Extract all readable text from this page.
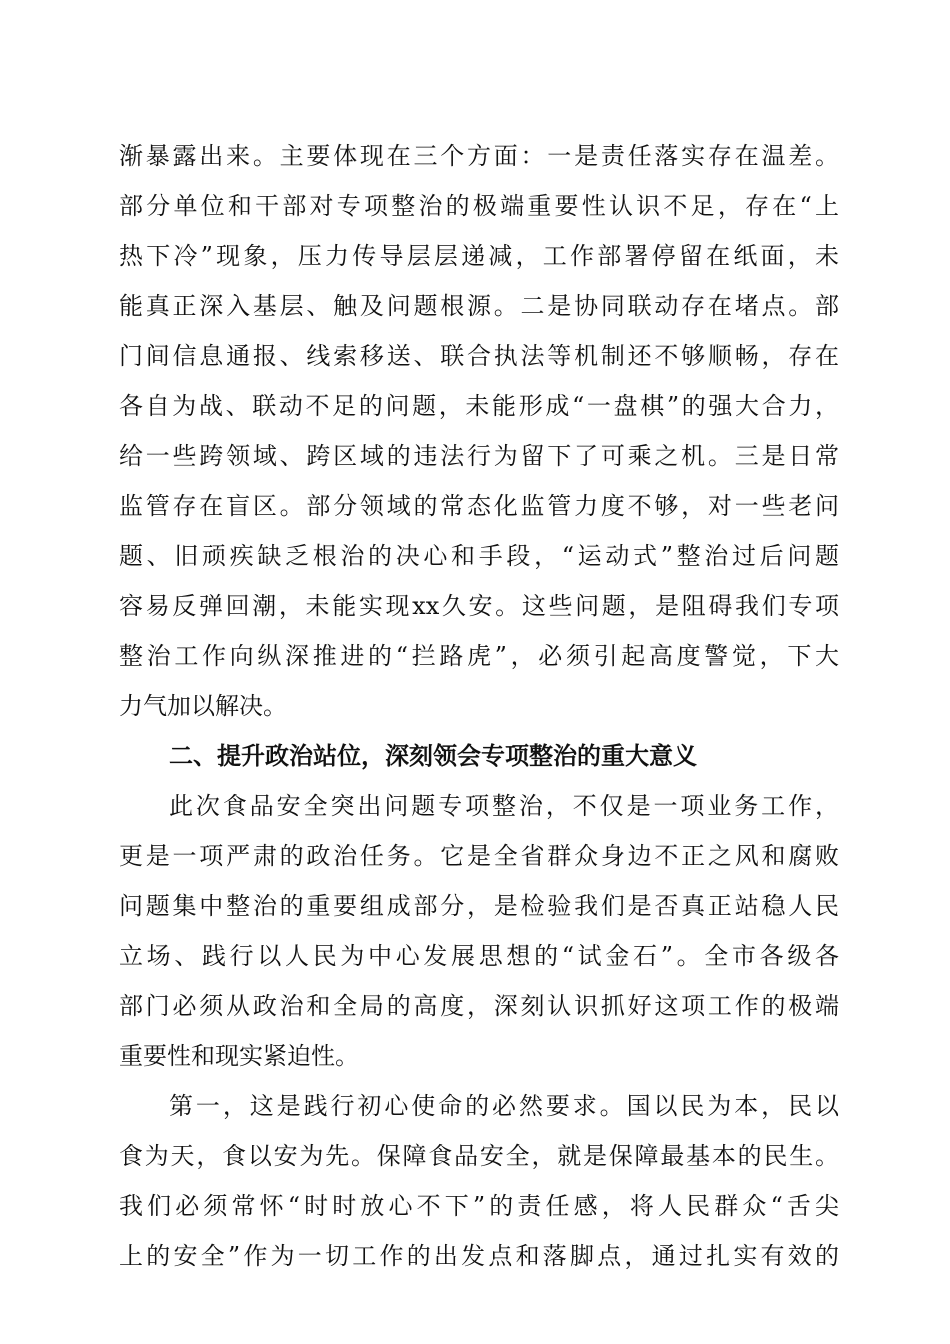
渐暴露出来。主要体现在三个方面：一是责任落实存在温差。
部分单位和干部对专项整治的极端重要性认识不足，存在“上
热下冷”现象，压力传导层层递减，工作部署停留在纸面，未
能真正深入基层、触及问题根源。二是协同联动存在堵点。部
门间信息通报、线索移送、联合执法等机制还不够顺畅，存在
各自为战、联动不足的问题，未能形成“一盘棋”的强大合力，
给一些跨领域、跨区域的违法行为留下了可乘之机。三是日常
监管存在盲区。部分领域的常态化监管力度不够，对一些老问
题、旧顽疾缺乏根治的决心和手段，“运动式”整治过后问题
容易反弹回潮，未能实现xx久安。这些问题，是阻碍我们专项
整治工作向纵深推进的“拦路虎”，必须引起高度警觉，下大
力气加以解决。
二、提升政治站位，深刻领会专项整治的重大意义
此次食品安全突出问题专项整治，不仅是一项业务工作，
更是一项严肃的政治任务。它是全省群众身边不正之风和腐败
问题集中整治的重要组成部分，是检验我们是否真正站稳人民
立场、践行以人民为中心发展思想的“试金石”。全市各级各
部门必须从政治和全局的高度，深刻认识抓好这项工作的极端
重要性和现实紧迫性。
第一，这是践行初心使命的必然要求。国以民为本，民以
食为天，食以安为先。保障食品安全，就是保障最基本的民生。
我们必须常怀“时时放心不下”的责任感，将人民群众“舌尖
上的安全”作为一切工作的出发点和落脚点，通过扎实有效的
